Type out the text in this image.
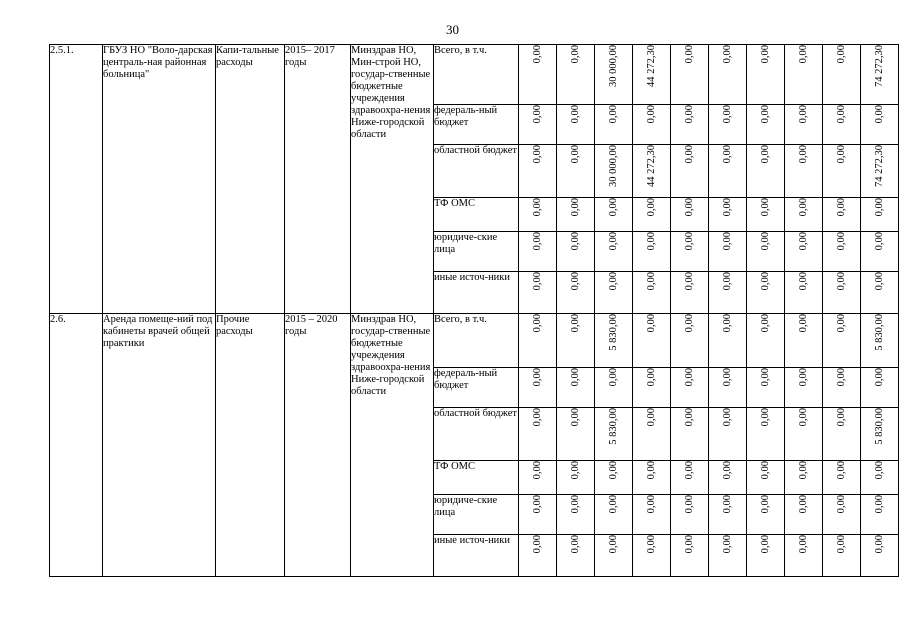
30
2.5.1.	ГБУЗ НО "Воло-дарская централь-ная районная больница"	Капи-тальные расходы	2015– 2017 годы	Минздрав НО, Мин-строй НО, государ-ственные бюджетные учреждения здравоохра-нения Ниже-городской области	Всего, в т.ч.	0,00	0,00	30 000,00	44 272,30	0,00	0,00	0,00	0,00	0,00	74 272,30
					федераль-ный бюджет	0,00	0,00	0,00	0,00	0,00	0,00	0,00	0,00	0,00	0,00
					областной бюджет	0,00	0,00	30 000,00	44 272,30	0,00	0,00	0,00	0,00	0,00	74 272,30
					ТФ ОМС	0,00	0,00	0,00	0,00	0,00	0,00	0,00	0,00	0,00	0,00
					юридиче-ские лица	0,00	0,00	0,00	0,00	0,00	0,00	0,00	0,00	0,00	0,00
					иные источ-ники	0,00	0,00	0,00	0,00	0,00	0,00	0,00	0,00	0,00	0,00
2.6.	Аренда помеще-ний под кабинеты врачей общей практики	Прочие расходы	2015 – 2020 годы	Минздрав НО, государ-ственные бюджетные учреждения здравоохра-нения Ниже-городской области	Всего, в т.ч.	0,00	0,00	5 830,00	0,00	0,00	0,00	0,00	0,00	0,00	5 830,00
					федераль-ный бюджет	0,00	0,00	0,00	0,00	0,00	0,00	0,00	0,00	0,00	0,00
					областной бюджет	0,00	0,00	5 830,00	0,00	0,00	0,00	0,00	0,00	0,00	5 830,00
					ТФ ОМС	0,00	0,00	0,00	0,00	0,00	0,00	0,00	0,00	0,00	0,00
					юридиче-ские лица	0,00	0,00	0,00	0,00	0,00	0,00	0,00	0,00	0,00	0,00
					иные источ-ники	0,00	0,00	0,00	0,00	0,00	0,00	0,00	0,00	0,00	0,00
